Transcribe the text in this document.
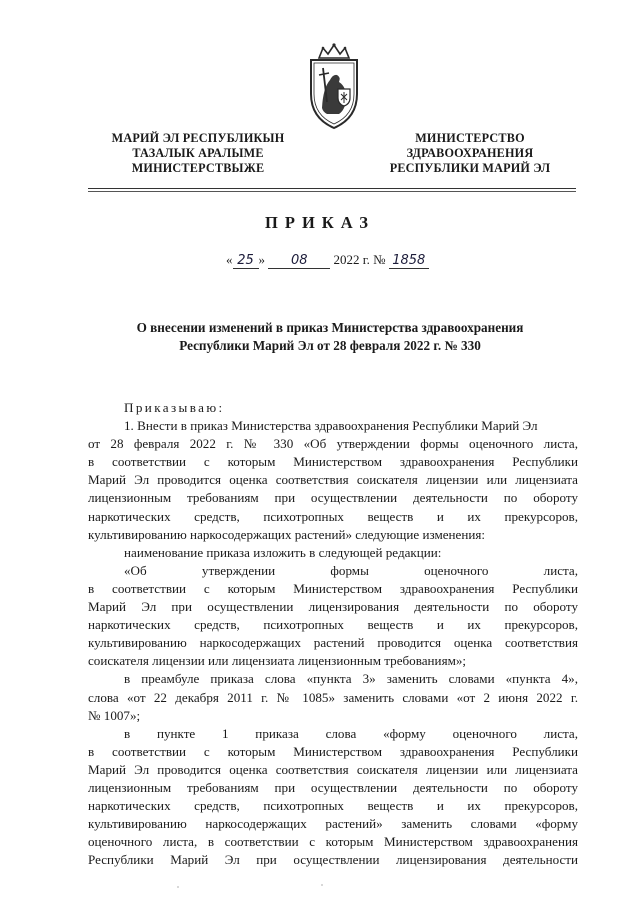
МАРИЙ ЭЛ РЕСПУБЛИКЫН
ТАЗАЛЫК АРАЛЫМЕ
МИНИСТЕРСТВЫЖЕ
МИНИСТЕРСТВО
ЗДРАВООХРАНЕНИЯ
РЕСПУБЛИКИ МАРИЙ ЭЛ
ПРИКАЗ
« 25 » 08 2022 г. № 1858
О внесении изменений в приказ Министерства здравоохранения
Республики Марий Эл от 28 февраля 2022 г. № 330
Приказываю:
1. Внести в приказ Министерства здравоохранения Республики Марий Эл
от 28 февраля 2022 г. № 330 «Об утверждении формы оценочного листа,
в соответствии с которым Министерством здравоохранения Республики
Марий Эл проводится оценка соответствия соискателя лицензии или лицензиата
лицензионным требованиям при осуществлении деятельности по обороту
наркотических средств, психотропных веществ и их прекурсоров,
культивированию наркосодержащих растений» следующие изменения:
наименование приказа изложить в следующей редакции:
«Об утверждении формы оценочного листа,
в соответствии с которым Министерством здравоохранения Республики
Марий Эл при осуществлении лицензирования деятельности по обороту
наркотических средств, психотропных веществ и их прекурсоров,
культивированию наркосодержащих растений проводится оценка соответствия
соискателя лицензии или лицензиата лицензионным требованиям»;
в преамбуле приказа слова «пункта 3» заменить словами «пункта 4»,
слова «от 22 декабря 2011 г. № 1085» заменить словами «от 2 июня 2022 г.
№ 1007»;
в пункте 1 приказа слова «форму оценочного листа,
в соответствии с которым Министерством здравоохранения Республики
Марий Эл проводится оценка соответствия соискателя лицензии или лицензиата
лицензионным требованиям при осуществлении деятельности по обороту
наркотических средств, психотропных веществ и их прекурсоров,
культивированию наркосодержащих растений» заменить словами «форму
оценочного листа, в соответствии с которым Министерством здравоохранения
Республики Марий Эл при осуществлении лицензирования деятельности
